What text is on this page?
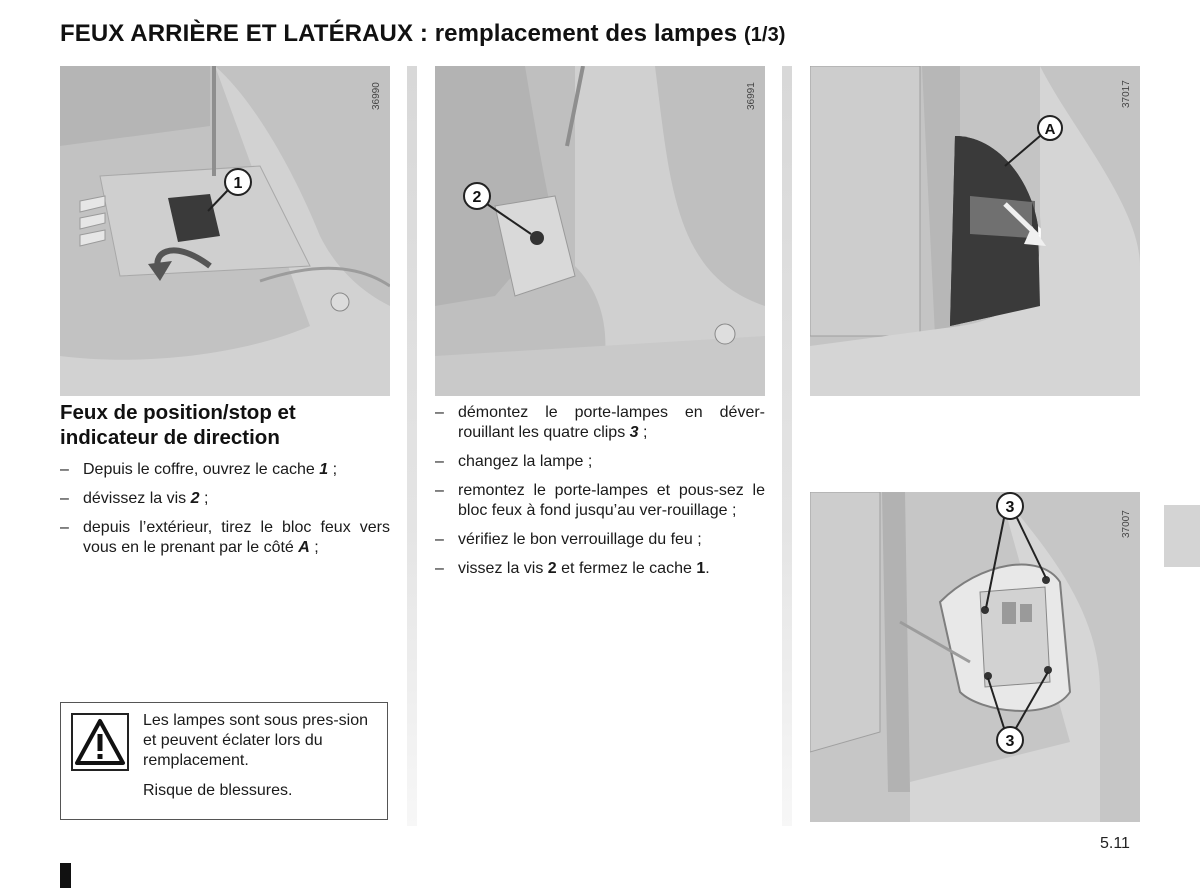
FEUX ARRIÈRE ET LATÉRAUX : remplacement des lampes (1/3)
1
36990
2
36991
A
37017
3
3
37007
Feux de position/stop et
indicateur de direction
– Depuis le coffre, ouvrez le cache 1 ;
– dévissez la vis 2 ;
– depuis l’extérieur, tirez le bloc feux vers vous en le prenant par le côté A ;
– démontez le porte-lampes en déver-rouillant les quatre clips 3 ;
– changez la lampe ;
– remontez le porte-lampes et pous-sez le bloc feux à fond jusqu’au ver-rouillage ;
– vérifiez le bon verrouillage du feu ;
– vissez la vis 2 et fermez le cache 1.

Les lampes sont sous pres-sion et peuvent éclater lors du remplacement.

Risque de blessures.

5.11
